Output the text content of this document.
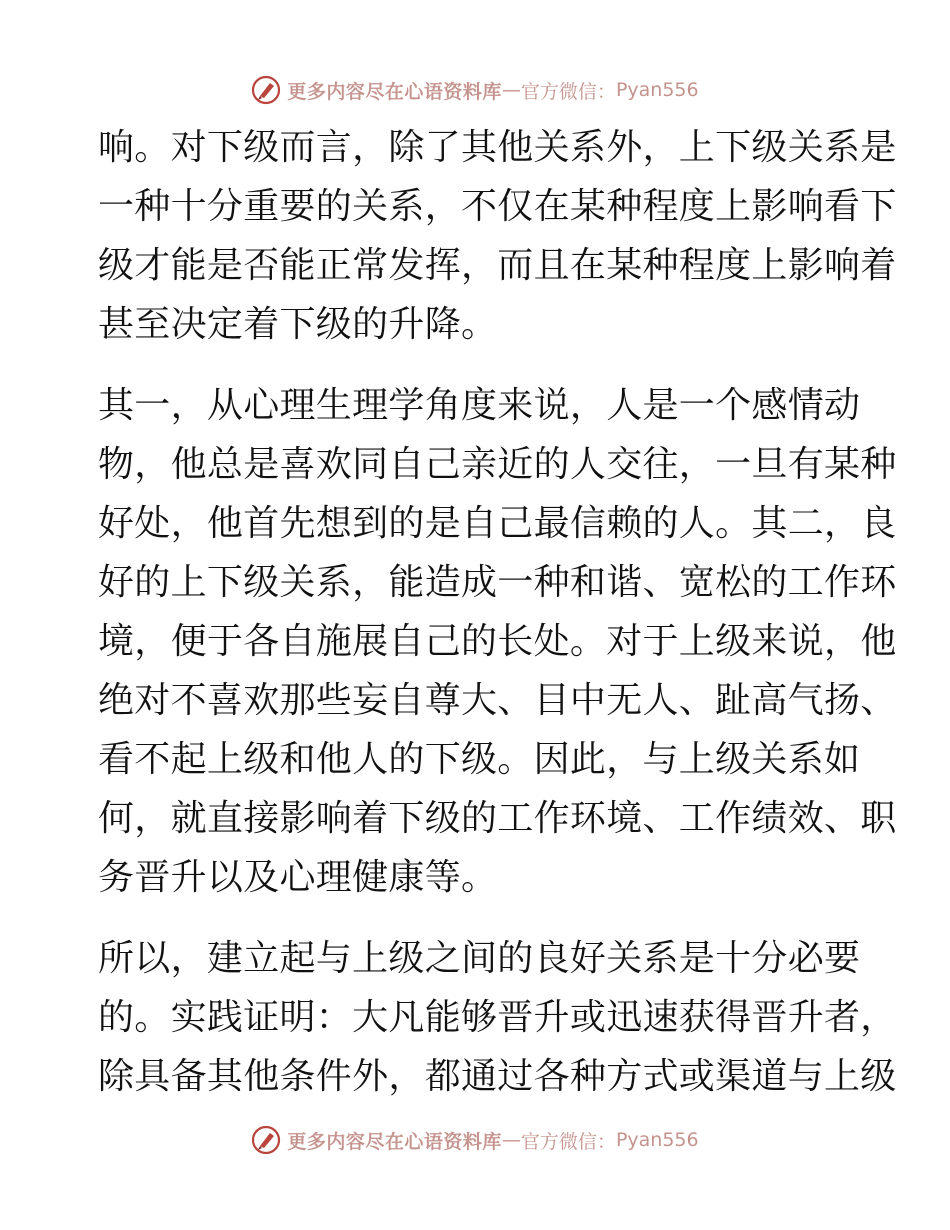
更多内容尽在心语资料库 — 官方微信： Pyan556

响。对下级而言，除了其他关系外，上下级关系是
一种十分重要的关系，不仅在某种程度上影响看下
级才能是否能正常发挥，而且在某种程度上影响着
甚至决定着下级的升降。

其一，从心理生理学角度来说，人是一个感情动
物，他总是喜欢同自己亲近的人交往，一旦有某种
好处，他首先想到的是自己最信赖的人。其二，良
好的上下级关系，能造成一种和谐、宽松的工作环
境，便于各自施展自己的长处。对于上级来说，他
绝对不喜欢那些妄自尊大、目中无人、趾高气扬、
看不起上级和他人的下级。因此，与上级关系如
何，就直接影响着下级的工作环境、工作绩效、职
务晋升以及心理健康等。

所以，建立起与上级之间的良好关系是十分必要
的。实践证明：大凡能够晋升或迅速获得晋升者，
除具备其他条件外，都通过各种方式或渠道与上级

更多内容尽在心语资料库 — 官方微信： Pyan556
